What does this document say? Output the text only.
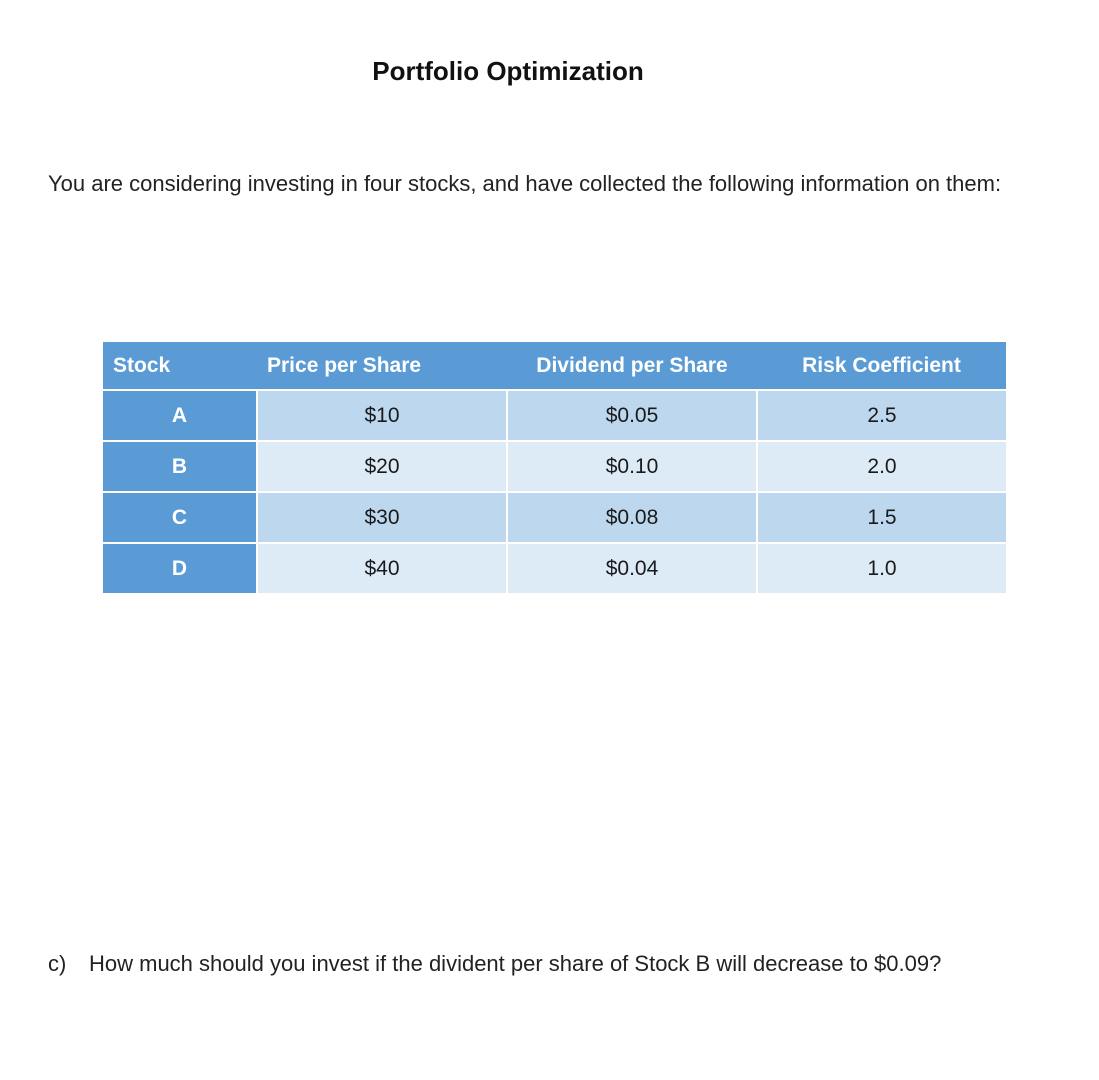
Portfolio Optimization
You are considering investing in four stocks, and have collected the following information on them:
Stock	Price per Share	Dividend per Share	Risk Coefficient
A	$10	$0.05	2.5
B	$20	$0.10	2.0
C	$30	$0.08	1.5
D	$40	$0.04	1.0
c) How much should you invest if the divident per share of Stock B will decrease to $0.09?
